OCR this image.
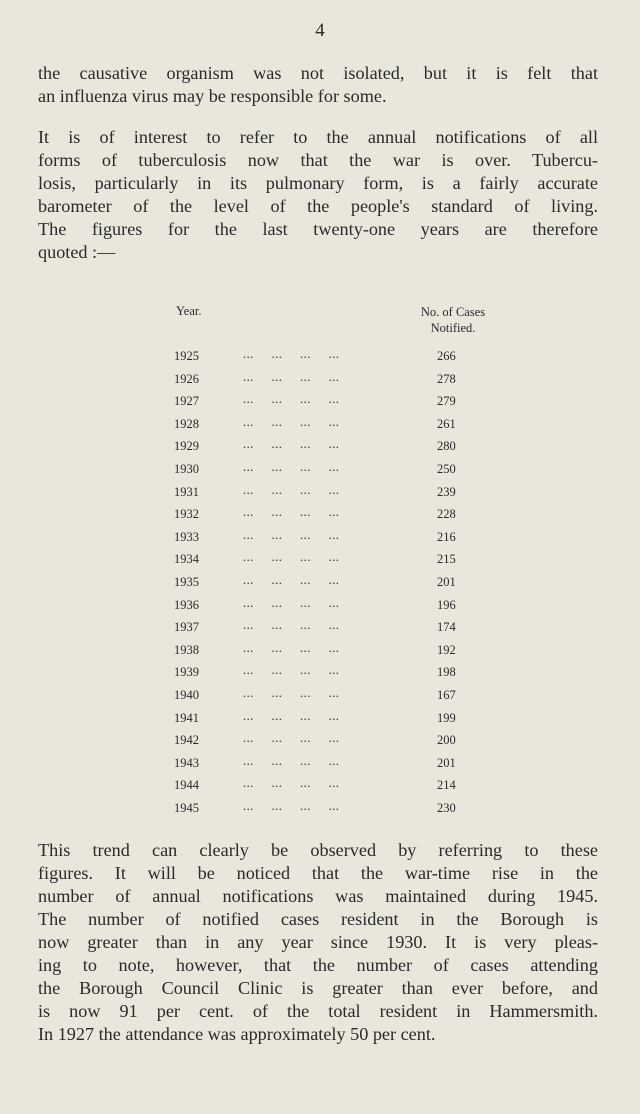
4

the causative organism was not isolated, but it is felt that
an influenza virus may be responsible for some.

It is of interest to refer to the annual notifications of all
forms of tuberculosis now that the war is over. Tubercu-
losis, particularly in its pulmonary form, is a fairly accurate
barometer of the level of the people's standard of living.
The figures for the last twenty-one years are therefore
quoted :—

Year.	No. of Cases
Notified.
1925	... ... ... ...	266
1926	... ... ... ...	278
1927	... ... ... ...	279
1928	... ... ... ...	261
1929	... ... ... ...	280
1930	... ... ... ...	250
1931	... ... ... ...	239
1932	... ... ... ...	228
1933	... ... ... ...	216
1934	... ... ... ...	215
1935	... ... ... ...	201
1936	... ... ... ...	196
1937	... ... ... ...	174
1938	... ... ... ...	192
1939	... ... ... ...	198
1940	... ... ... ...	167
1941	... ... ... ...	199
1942	... ... ... ...	200
1943	... ... ... ...	201
1944	... ... ... ...	214
1945	... ... ... ...	230

This trend can clearly be observed by referring to these
figures. It will be noticed that the war-time rise in the
number of annual notifications was maintained during 1945.
The number of notified cases resident in the Borough is
now greater than in any year since 1930. It is very pleas-
ing to note, however, that the number of cases attending
the Borough Council Clinic is greater than ever before, and
is now 91 per cent. of the total resident in Hammersmith.
In 1927 the attendance was approximately 50 per cent.
